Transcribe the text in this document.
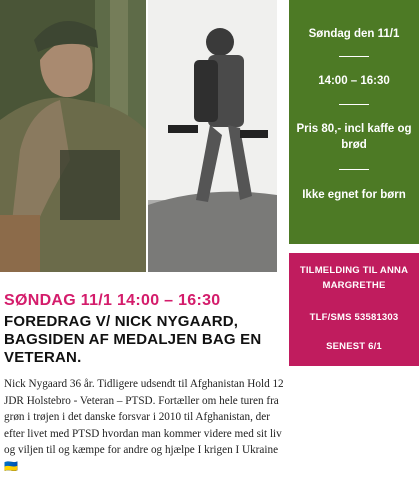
Søndag den 11/1
14:00 – 16:30
Pris 80,- incl kaffe og brød
Ikke egnet for børn
TILMELDING TIL ANNA MARGRETHE
TLF/SMS 53581303
SENEST 6/1
SØNDAG 11/1 14:00 – 16:30
FOREDRAG V/ NICK NYGAARD, BAGSIDEN AF MEDALJEN BAG EN VETERAN.
Nick Nygaard 36 år. Tidligere udsendt til Afghanistan Hold 12 JDR Holstebro - Veteran – PTSD. Fortæller om hele turen fra grøn i trøjen i det danske forsvar i 2010 til Afghanistan, der efter livet med PTSD hvordan man kommer videre med sit liv og viljen til og kæmpe for andre og hjælpe I krigen I Ukraine 🇺🇦
